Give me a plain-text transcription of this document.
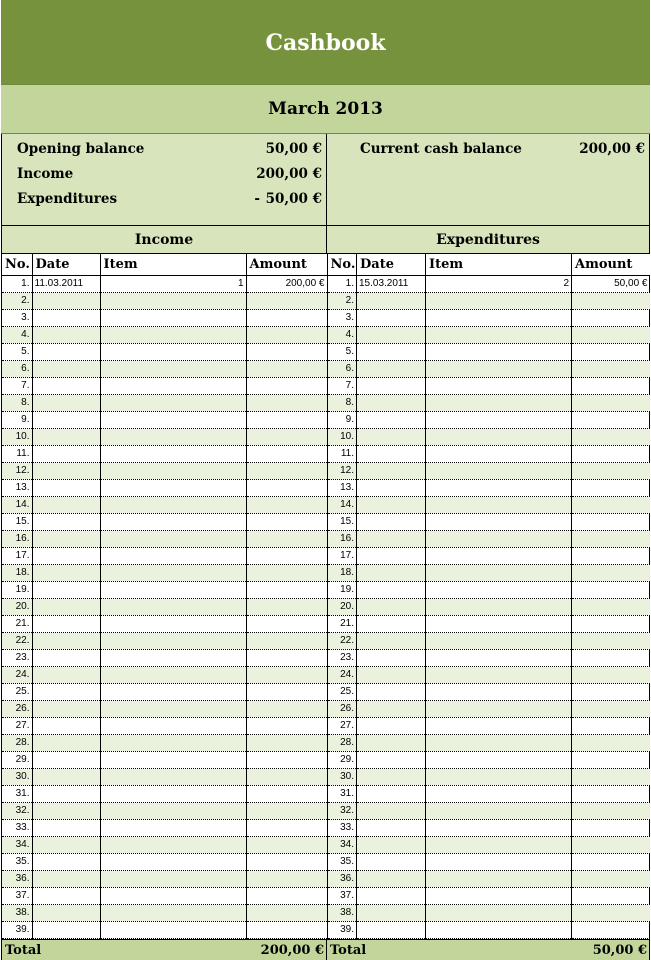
Cashbook
March 2013
Opening balance	50,00 €
Income	200,00 €
Expenditures	- 50,00 €
Current cash balance	200,00 €
Income	Expenditures
No.	Date	Item	Amount
1.	11.03.2011	1	200,00 €
2.			
3.			
4.			
5.			
6.			
7.			
8.			
9.			
10.			
11.			
12.			
13.			
14.			
15.			
16.			
17.			
18.			
19.			
20.			
21.			
22.			
23.			
24.			
25.			
26.			
27.			
28.			
29.			
30.			
31.			
32.			
33.			
34.			
35.			
36.			
37.			
38.			
39.			
No.	Date	Item	Amount
1.	15.03.2011	2	50,00 €
2.			
3.			
4.			
5.			
6.			
7.			
8.			
9.			
10.			
11.			
12.			
13.			
14.			
15.			
16.			
17.			
18.			
19.			
20.			
21.			
22.			
23.			
24.			
25.			
26.			
27.			
28.			
29.			
30.			
31.			
32.			
33.			
34.			
35.			
36.			
37.			
38.			
39.			
Total	200,00 € Total	50,00 €
